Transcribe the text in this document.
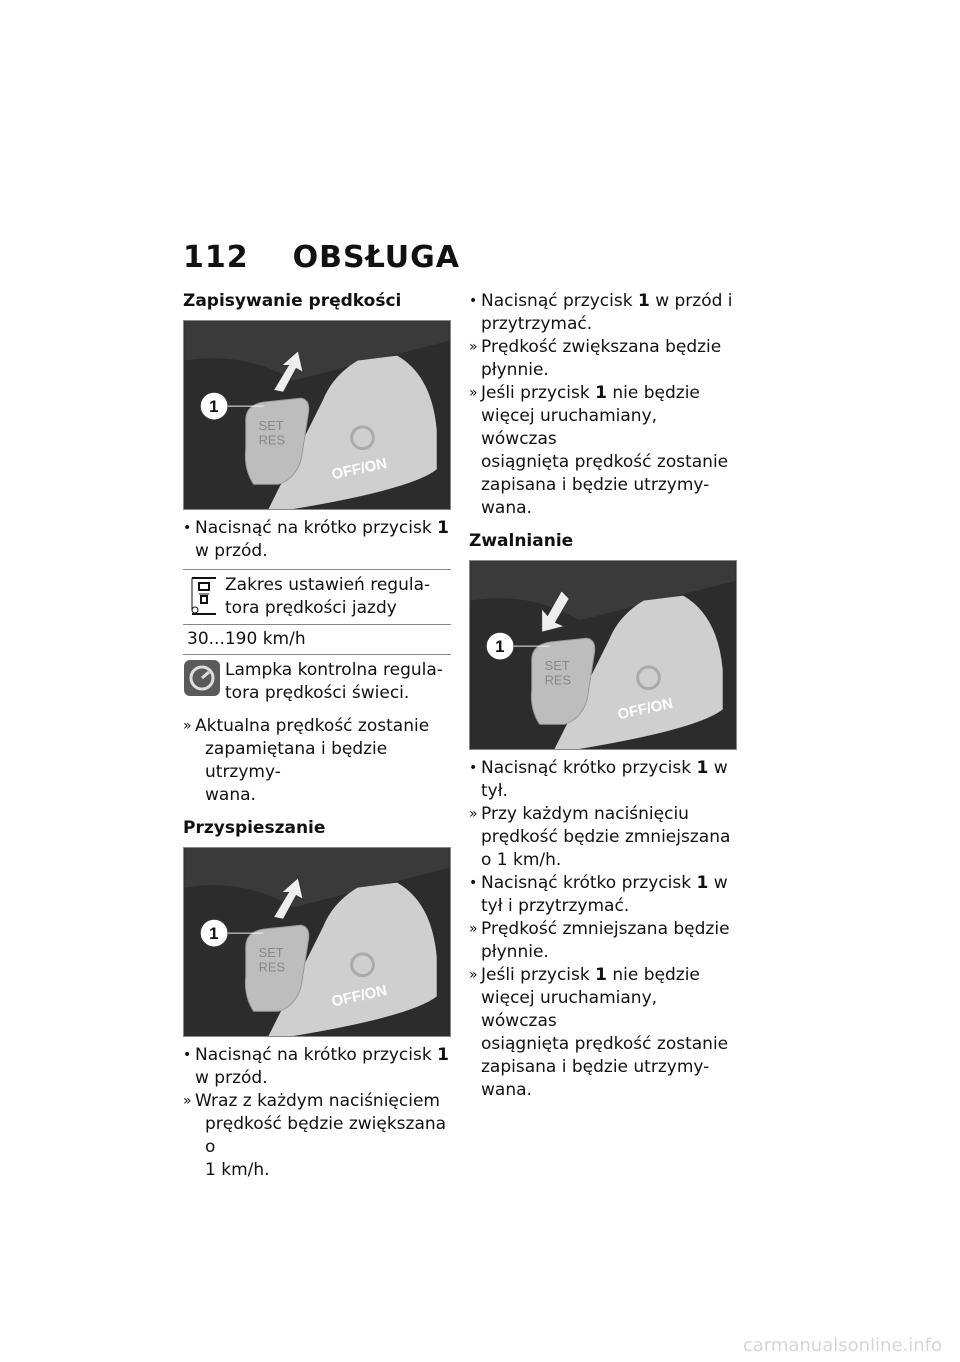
112 OBSŁUGA
Zapisywanie prędkości
SET
RES
OFF/ON
1
• Nacisnąć na krótko przycisk 1
w przód.
Zakres ustawień regula-
tora prędkości jazdy
30...190 km/h
Lampka kontrolna regula-
tora prędkości świeci.
» Aktualna prędkość zostanie

zapamiętana i będzie utrzymy-
wana.
Przyspieszanie
SET
RES
OFF/ON
1
• Nacisnąć na krótko przycisk 1
w przód.
» Wraz z każdym naciśnięciem

prędkość będzie zwiększana o
1 km/h.
• Nacisnąć przycisk 1 w przód i
przytrzymać.
» Prędkość zwiększana będzie
płynnie.
» Jeśli przycisk 1 nie będzie
więcej uruchamiany, wówczas
osiągnięta prędkość zostanie
zapisana i będzie utrzymy-
wana.
Zwalnianie
SET
RES
OFF/ON
1
• Nacisnąć krótko przycisk 1 w
tył.
» Przy każdym naciśnięciu
prędkość będzie zmniejszana
o 1 km/h.
• Nacisnąć krótko przycisk 1 w
tył i przytrzymać.
» Prędkość zmniejszana będzie
płynnie.
» Jeśli przycisk 1 nie będzie
więcej uruchamiany, wówczas
osiągnięta prędkość zostanie
zapisana i będzie utrzymy-
wana.
carmanualsonline.info
